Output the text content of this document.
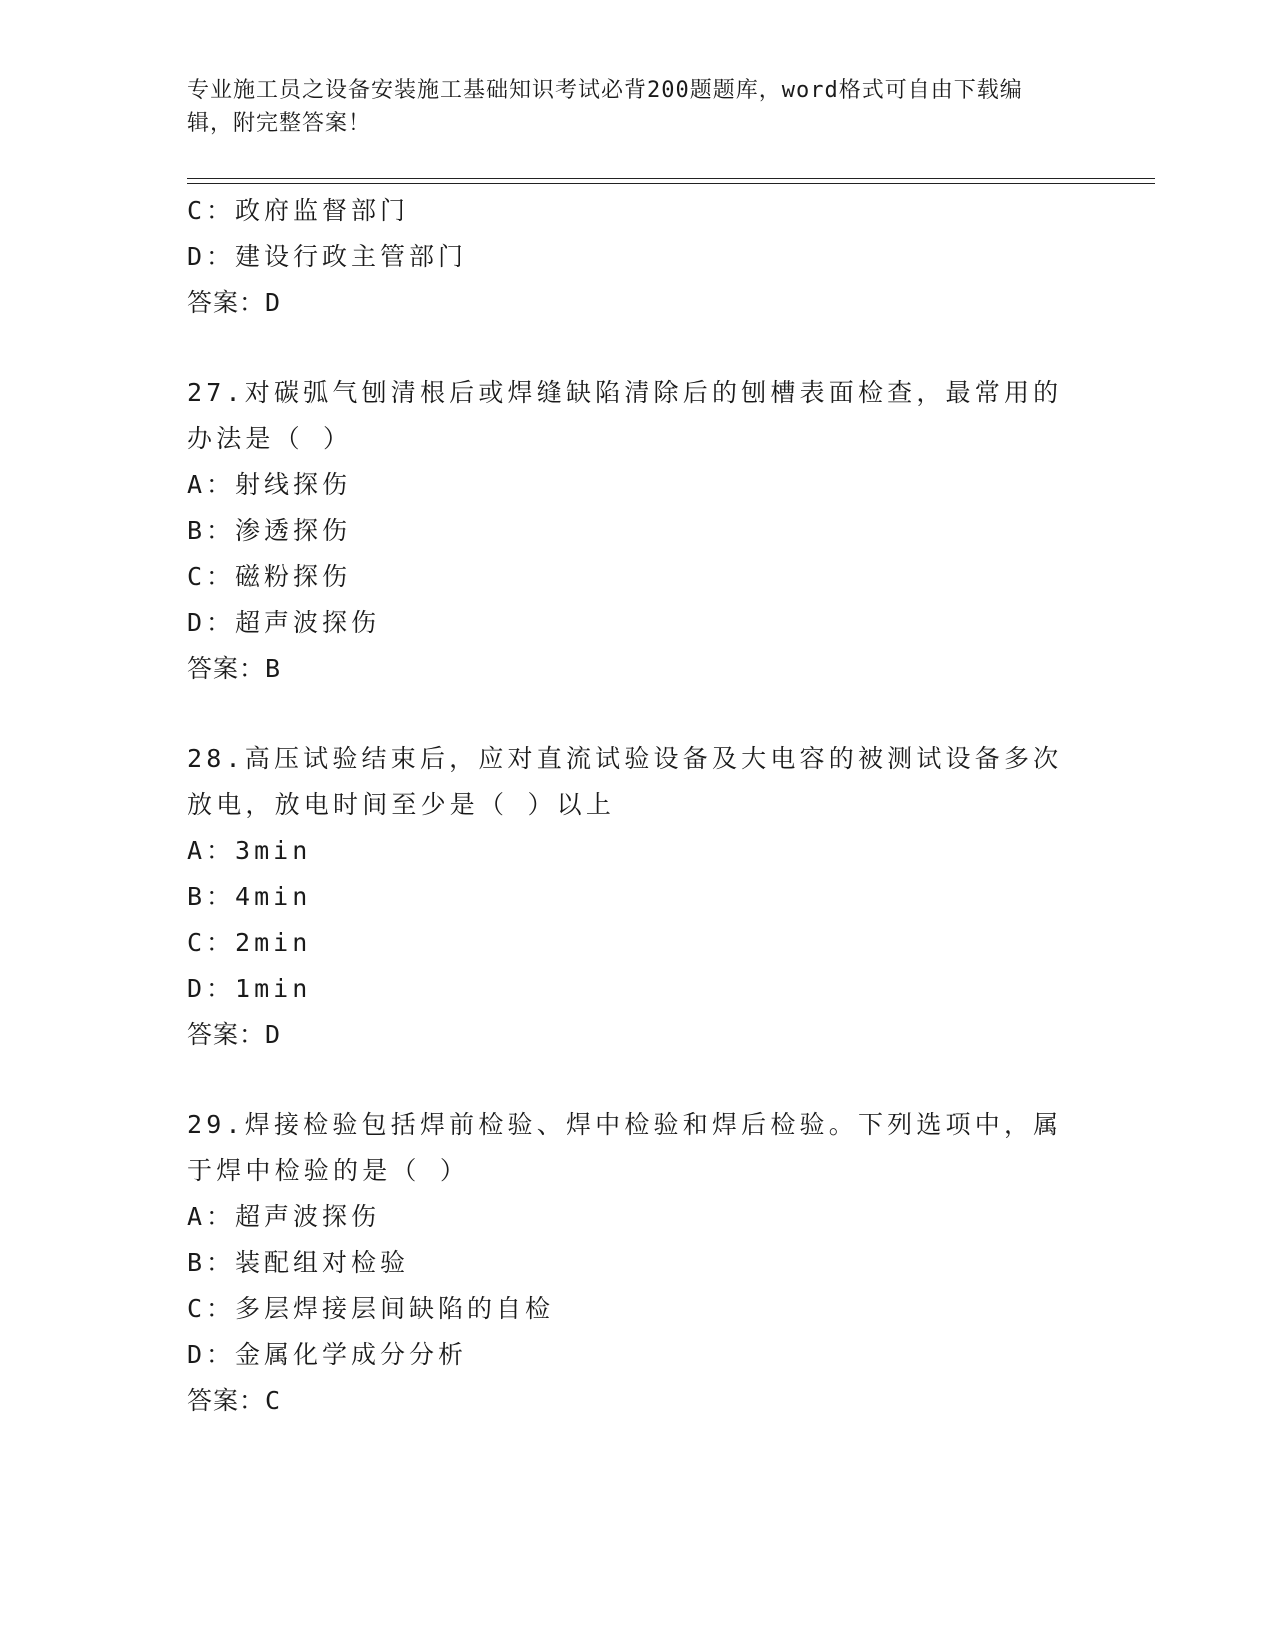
专业施工员之设备安装施工基础知识考试必背200题题库，word格式可自由下载编辑，附完整答案！
C：政府监督部门
D：建设行政主管部门
答案：D
27.对碳弧气刨清根后或焊缝缺陷清除后的刨槽表面检查，最常用的办法是（ ）
A：射线探伤
B：渗透探伤
C：磁粉探伤
D：超声波探伤
答案：B
28.高压试验结束后，应对直流试验设备及大电容的被测试设备多次放电，放电时间至少是（ ）以上
A：3min
B：4min
C：2min
D：1min
答案：D
29.焊接检验包括焊前检验、焊中检验和焊后检验。下列选项中，属于焊中检验的是（ ）
A：超声波探伤
B：装配组对检验
C：多层焊接层间缺陷的自检
D：金属化学成分分析
答案：C
